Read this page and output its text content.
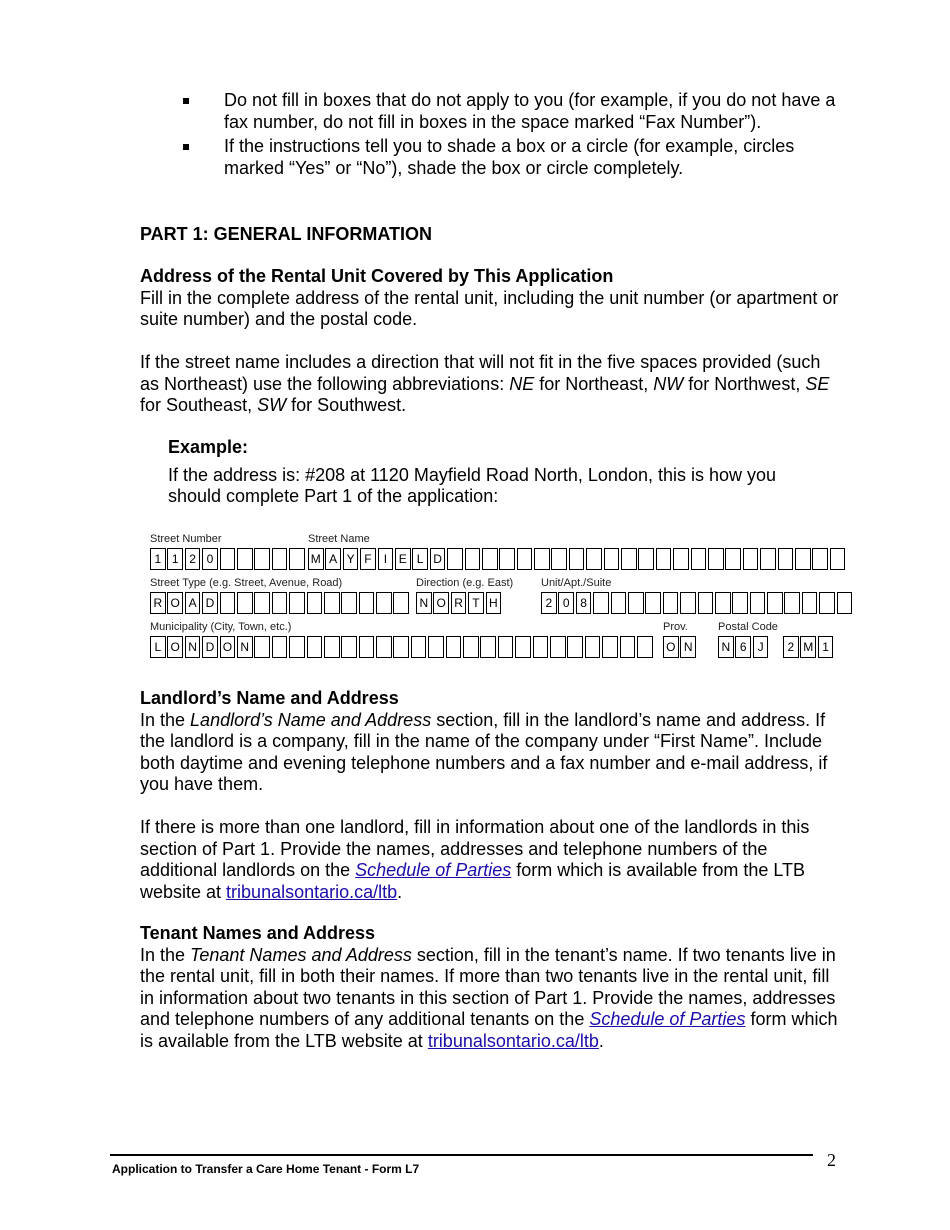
Do not fill in boxes that do not apply to you (for example, if you do not have a fax number, do not fill in boxes in the space marked “Fax Number”).
If the instructions tell you to shade a box or a circle (for example, circles marked “Yes” or “No”), shade the box or circle completely.
PART 1: GENERAL INFORMATION
Address of the Rental Unit Covered by This Application
Fill in the complete address of the rental unit, including the unit number (or apartment or suite number) and the postal code.
If the street name includes a direction that will not fit in the five spaces provided (such as Northeast) use the following abbreviations: NE for Northeast, NW for Northwest, SE for Southeast, SW for Southwest.
Example:
If the address is: #208 at 1120 Mayfield Road North, London, this is how you should complete Part 1 of the application:
Street Number
1 1 2 0
Street Name
M A Y F	I E L D
Street Type (e.g. Street, Avenue, Road)
R O A D
Direction (e.g. East)
N O R T H
Unit/Apt./Suite
2 0 8
Municipality (City, Town, etc.)
L O N D O N
Prov.
O N
Postal Code
N 6 J	2 M 1
Landlord’s Name and Address
In the Landlord’s Name and Address section, fill in the landlord’s name and address. If the landlord is a company, fill in the name of the company under “First Name”. Include both daytime and evening telephone numbers and a fax number and e-mail address, if you have them.
If there is more than one landlord, fill in information about one of the landlords in this section of Part 1. Provide the names, addresses and telephone numbers of the additional landlords on the Schedule of Parties form which is available from the LTB website at tribunalsontario.ca/ltb.
Tenant Names and Address
In the Tenant Names and Address section, fill in the tenant’s name. If two tenants live in the rental unit, fill in both their names. If more than two tenants live in the rental unit, fill in information about two tenants in this section of Part 1. Provide the names, addresses and telephone numbers of any additional tenants on the Schedule of Parties form which is available from the LTB website at tribunalsontario.ca/ltb.
Application to Transfer a Care Home Tenant - Form L7	2
